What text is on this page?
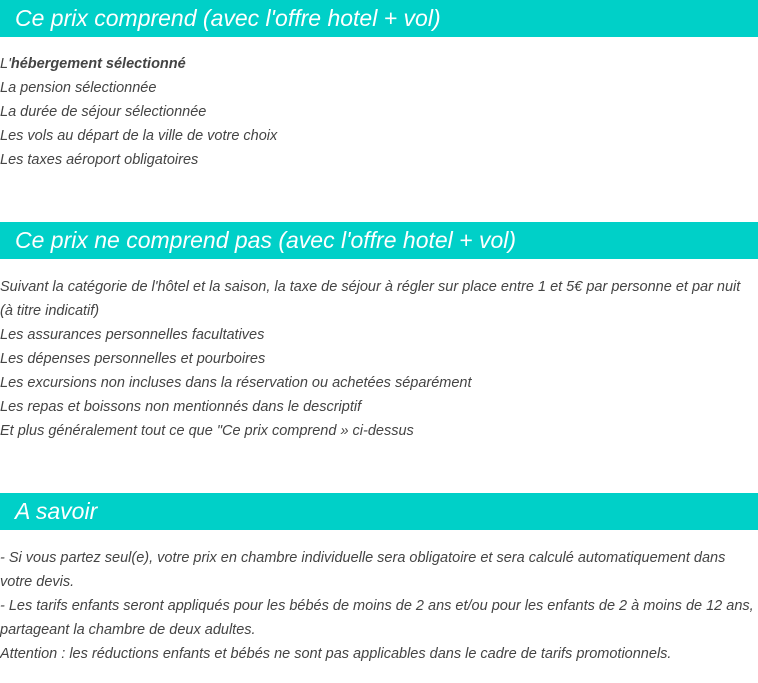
Ce prix comprend (avec l'offre hotel + vol)

L'hébergement sélectionné

La pension sélectionnée

La durée de séjour sélectionnée

Les vols au départ de la ville de votre choix

Les taxes aéroport obligatoires

Ce prix ne comprend pas (avec l'offre hotel + vol)

Suivant la catégorie de l'hôtel et la saison, la taxe de séjour à régler sur place entre 1 et 5€ par personne et par nuit (à titre indicatif)

Les assurances personnelles facultatives

Les dépenses personnelles et pourboires

Les excursions non incluses dans la réservation ou achetées séparément

Les repas et boissons non mentionnés dans le descriptif

Et plus généralement tout ce que "Ce prix comprend » ci-dessus

A savoir

- Si vous partez seul(e), votre prix en chambre individuelle sera obligatoire et sera calculé automatiquement dans votre devis.

- Les tarifs enfants seront appliqués pour les bébés de moins de 2 ans et/ou pour les enfants de 2 à moins de 12 ans, partageant la chambre de deux adultes.

Attention : les réductions enfants et bébés ne sont pas applicables dans le cadre de tarifs promotionnels.
